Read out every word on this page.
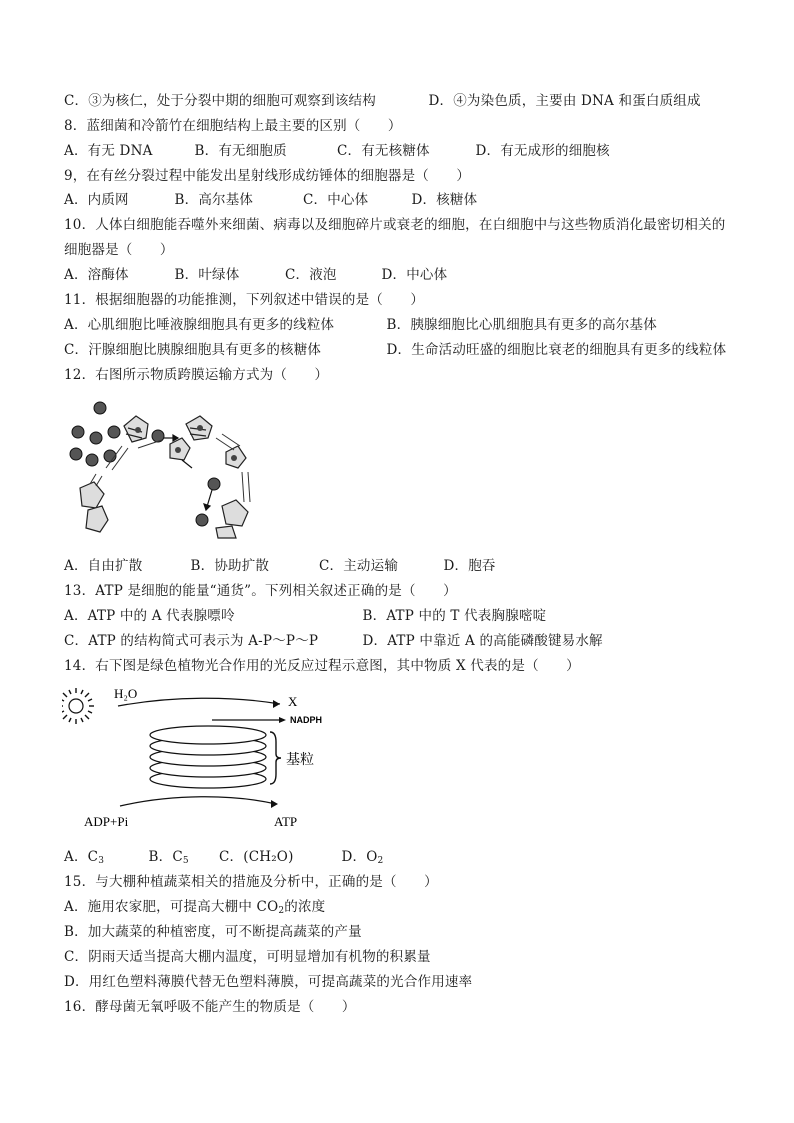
C．③为核仁，处于分裂中期的细胞可观察到该结构	D．④为染色质，主要由 DNA 和蛋白质组成
8．蓝细菌和冷箭竹在细胞结构上最主要的区别（　　）
A．有无 DNA	B．有无细胞质	C．有无核糖体	D．有无成形的细胞核
9，在有丝分裂过程中能发出星射线形成纺锤体的细胞器是（　　）
A．内质网	B．高尔基体	C．中心体	D．核糖体
10．人体白细胞能吞噬外来细菌、病毒以及细胞碎片或衰老的细胞，在白细胞中与这些物质消化最密切相关的
细胞器是（　　）
A．溶酶体	B．叶绿体	C．液泡	D．中心体
11．根据细胞器的功能推测，下列叙述中错误的是（　　）
A．心肌细胞比唾液腺细胞具有更多的线粒体	B．胰腺细胞比心肌细胞具有更多的高尔基体
C．汗腺细胞比胰腺细胞具有更多的核糖体	D．生命活动旺盛的细胞比衰老的细胞具有更多的线粒体
12．右图所示物质跨膜运输方式为（　　）
A．自由扩散	B．协助扩散	C．主动运输	D．胞吞
13．ATP 是细胞的能量“通货”。下列相关叙述正确的是（　　）
A．ATP 中的 A 代表腺嘌呤	B．ATP 中的 T 代表胸腺嘧啶
C．ATP 的结构简式可表示为 A-P～P～P	D．ATP 中靠近 A 的高能磷酸键易水解
14．右下图是绿色植物光合作用的光反应过程示意图，其中物质 X 代表的是（　　）
H₂O
X
NADPH
基粒
ADP+Pi	ATP
A．$C_3$	B．$C_5$ C．(CH₂O)	D．$O_2$
15．与大棚种植蔬菜相关的措施及分析中，正确的是（　　）
A．施用农家肥，可提高大棚中 $CO_2$的浓度
B．加大蔬菜的种植密度，可不断提高蔬菜的产量
C．阴雨天适当提高大棚内温度，可明显增加有机物的积累量
D．用红色塑料薄膜代替无色塑料薄膜，可提高蔬菜的光合作用速率
16．酵母菌无氧呼吸不能产生的物质是（　　）
